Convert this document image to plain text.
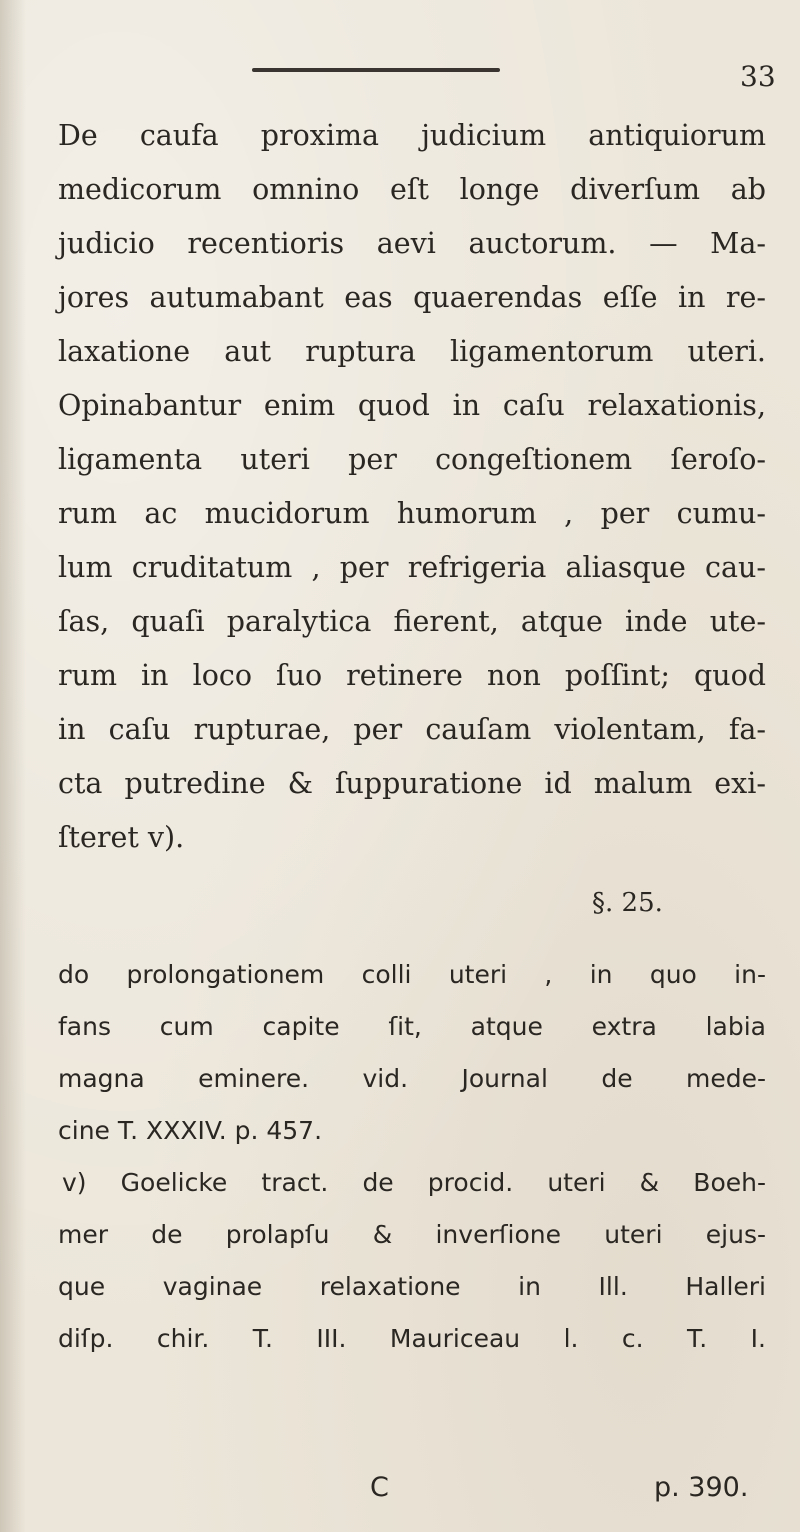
33
De caufa proxima judicium antiquiorum
medicorum omnino eſt longe diverſum ab
judicio recentioris aevi auctorum. — Ma-
jores autumabant eas quaerendas eſſe in re-
laxatione aut ruptura ligamentorum uteri.
Opinabantur enim quod in caſu relaxationis,
ligamenta uteri per congeſtionem ſeroſo-
rum ac mucidorum humorum , per cumu-
lum cruditatum , per refrigeria aliasque cau-
ſas, quaſi paralytica fierent, atque inde ute-
rum in loco ſuo retinere non poſſint; quod
in caſu rupturae, per cauſam violentam, fa-
cta putredine & ſuppuratione id malum exi-
ſteret v).
§. 25.
do prolongationem colli uteri , in quo in-
fans cum capite ſit, atque extra labia
magna eminere. vid. Journal de mede-
cine T. XXXIV. p. 457.
v) Goelicke tract. de procid. uteri & Boeh-
mer de prolapſu & inverſione uteri ejus-
que vaginae relaxatione in Ill. Halleri
diſp. chir. T. III. Mauriceau l. c. T. I.
C	p. 390.
